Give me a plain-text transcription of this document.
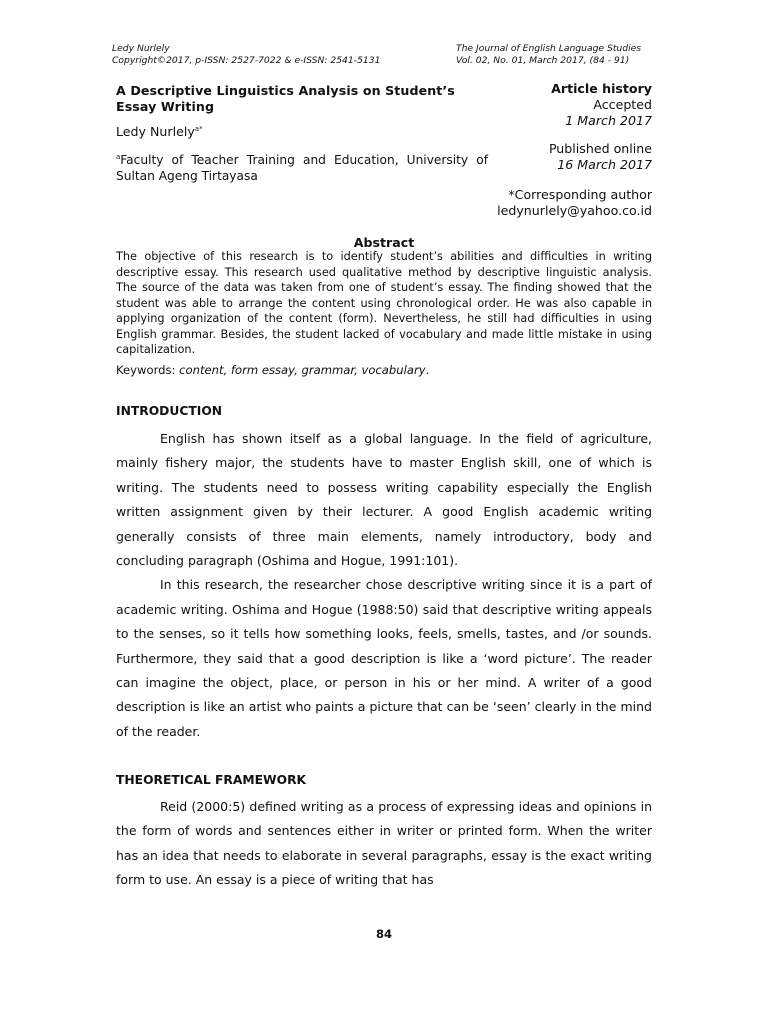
Ledy Nurlely
Copyright©2017, p-ISSN: 2527-7022 & e-ISSN: 2541-5131
The Journal of English Language Studies
Vol. 02, No. 01, March 2017, (84 - 91)
A Descriptive Linguistics Analysis on Student’s Essay Writing
Ledy Nurlely$^{a*}$
$^a$Faculty of Teacher Training and Education, University of Sultan Ageng Tirtayasa
Article history
Accepted
1 March 2017
Published online
16 March 2017
*Corresponding author
ledynurlely@yahoo.co.id
Abstract
The objective of this research is to identify student’s abilities and difficulties in writing descriptive essay. This research used qualitative method by descriptive linguistic analysis. The source of the data was taken from one of student’s essay. The finding showed that the student was able to arrange the content using chronological order. He was also capable in applying organization of the content (form). Nevertheless, he still had difficulties in using English grammar. Besides, the student lacked of vocabulary and made little mistake in using capitalization.
Keywords: content, form essay, grammar, vocabulary.
INTRODUCTION

English has shown itself as a global language. In the field of agriculture, mainly fishery major, the students have to master English skill, one of which is writing. The students need to possess writing capability especially the English written assignment given by their lecturer. A good English academic writing generally consists of three main elements, namely introductory, body and concluding paragraph (Oshima and Hogue, 1991:101).

In this research, the researcher chose descriptive writing since it is a part of academic writing. Oshima and Hogue (1988:50) said that descriptive writing appeals to the senses, so it tells how something looks, feels, smells, tastes, and /or sounds. Furthermore, they said that a good description is like a ‘word picture’. The reader can imagine the object, place, or person in his or her mind. A writer of a good description is like an artist who paints a picture that can be ‘seen’ clearly in the mind of the reader.

THEORETICAL FRAMEWORK

Reid (2000:5) defined writing as a process of expressing ideas and opinions in the form of words and sentences either in writer or printed form. When the writer has an idea that needs to elaborate in several paragraphs, essay is the exact writing form to use. An essay is a piece of writing that has

84
